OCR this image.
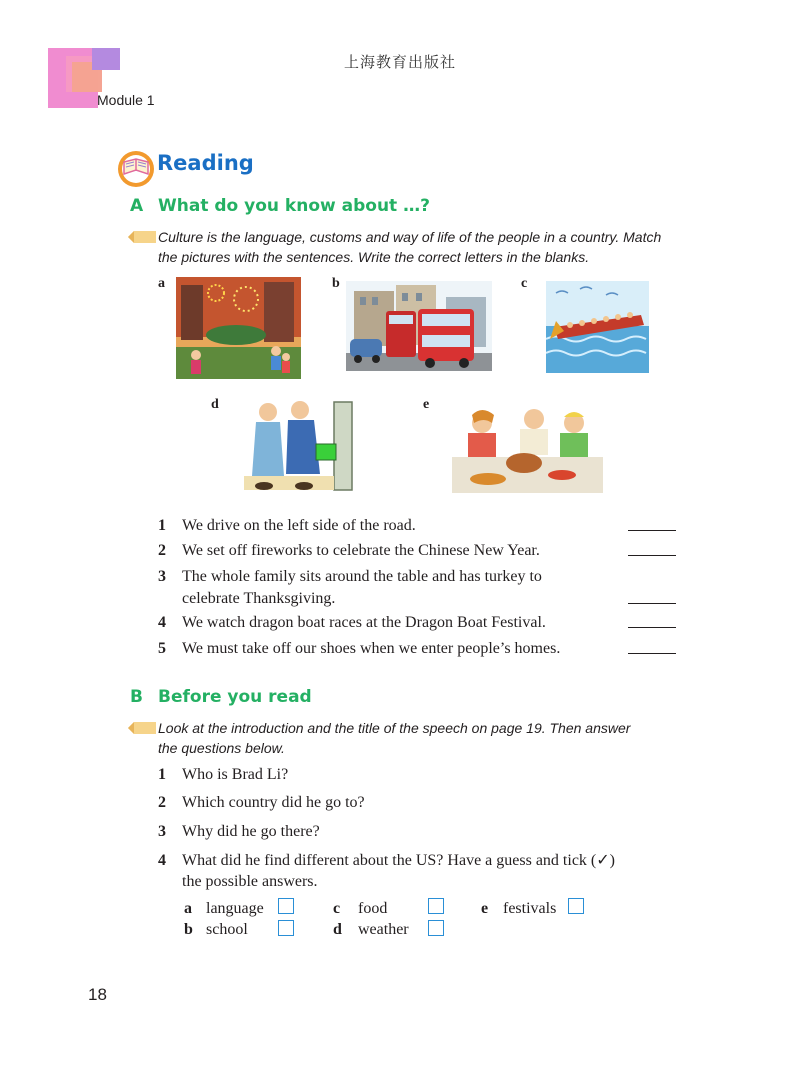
Module 1
上海教育出版社
Reading
A What do you know about …?
Culture is the language, customs and way of life of the people in a country. Match
the pictures with the sentences. Write the correct letters in the blanks.
a	b	c
d	e
1 We drive on the left side of the road.
2 We set off fireworks to celebrate the Chinese New Year.
3 The whole family sits around the table and has turkey to
celebrate Thanksgiving.
4 We watch dragon boat races at the Dragon Boat Festival.
5 We must take off our shoes when we enter people’s homes.
B Before you read
Look at the introduction and the title of the speech on page 19. Then answer
the questions below.
1 Who is Brad Li?
2 Which country did he go to?
3 Why did he go there?
4 What did he find different about the US? Have a guess and tick (✓)
the possible answers.
a language
b school
c food
d weather
e festivals
18
